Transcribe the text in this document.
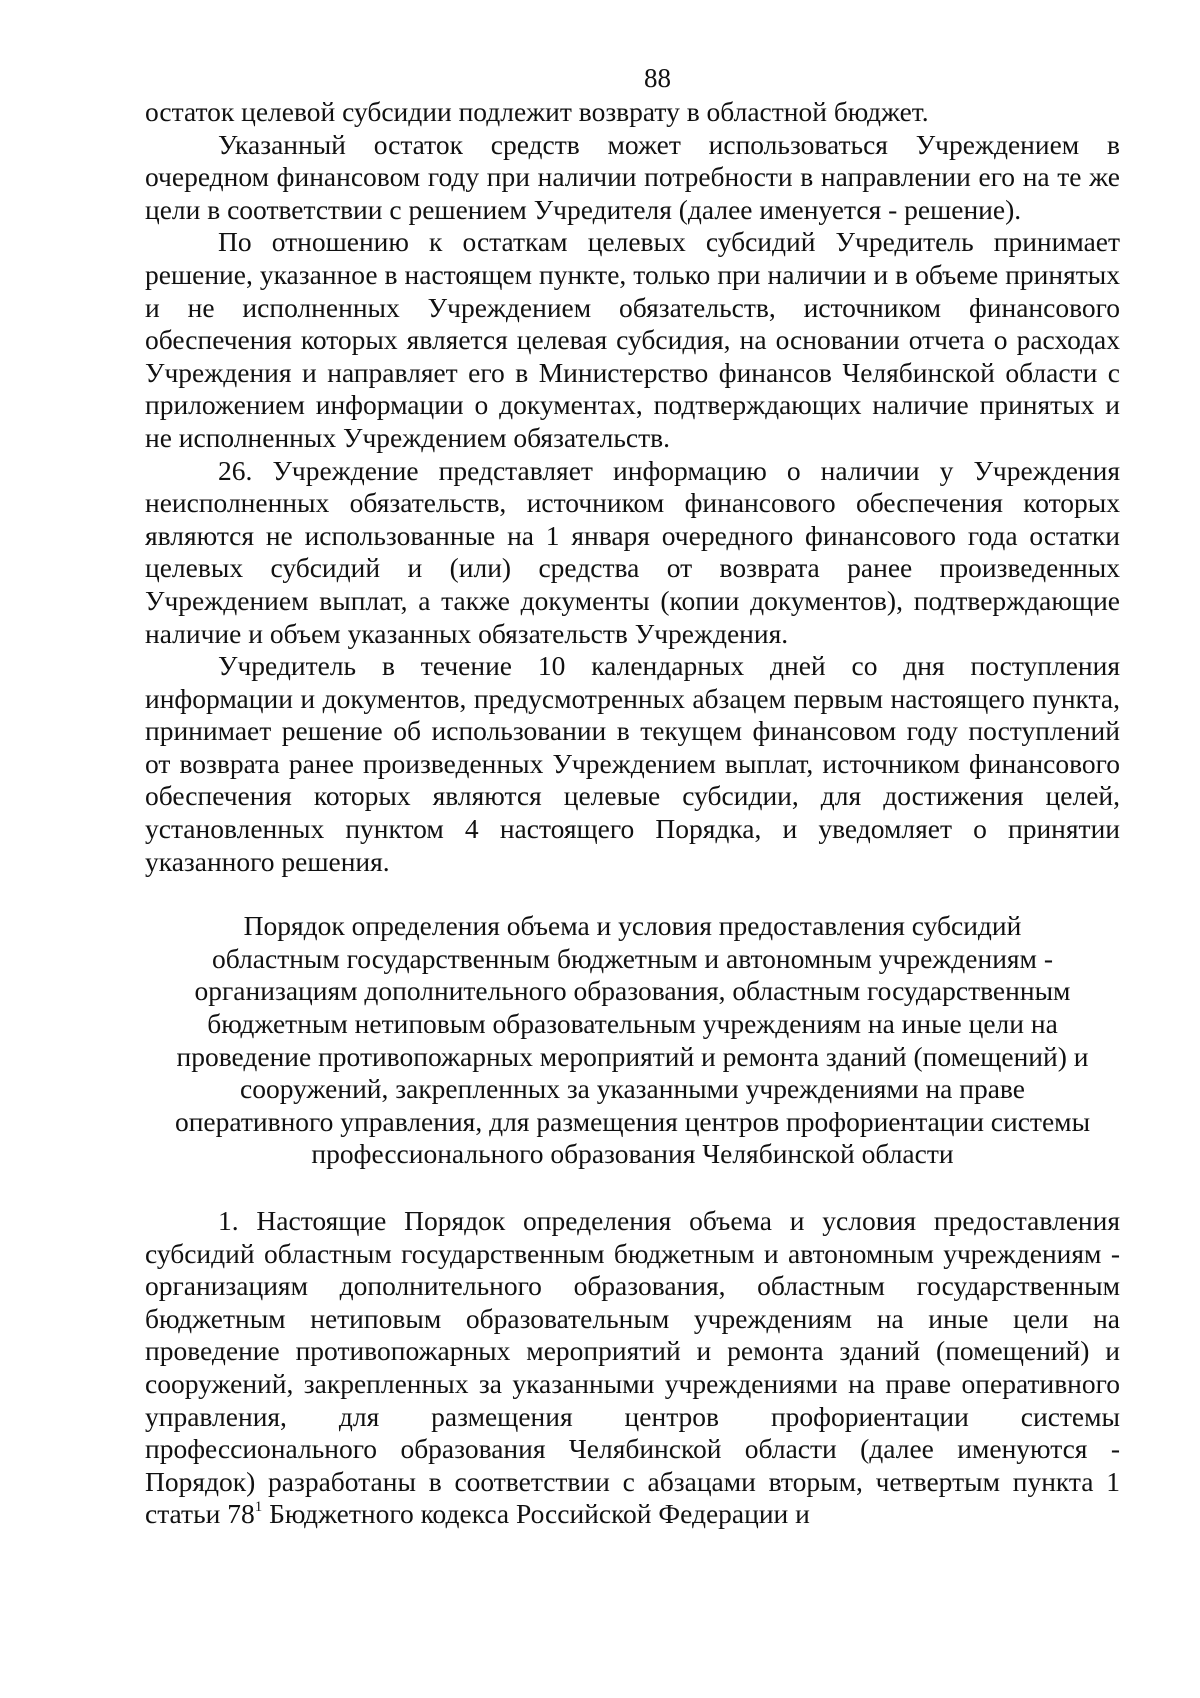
88

остаток целевой субсидии подлежит возврату в областной бюджет.

Указанный остаток средств может использоваться Учреждением в очередном финансовом году при наличии потребности в направлении его на те же цели в соответствии с решением Учредителя (далее именуется - решение).

По отношению к остаткам целевых субсидий Учредитель принимает решение, указанное в настоящем пункте, только при наличии и в объеме принятых и не исполненных Учреждением обязательств, источником финансового обеспечения которых является целевая субсидия, на основании отчета о расходах Учреждения и направляет его в Министерство финансов Челябинской области с приложением информации о документах, подтверждающих наличие принятых и не исполненных Учреждением обязательств.

26. Учреждение представляет информацию о наличии у Учреждения неисполненных обязательств, источником финансового обеспечения которых являются не использованные на 1 января очередного финансового года остатки целевых субсидий и (или) средства от возврата ранее произведенных Учреждением выплат, а также документы (копии документов), подтверждающие наличие и объем указанных обязательств Учреждения.

Учредитель в течение 10 календарных дней со дня поступления информации и документов, предусмотренных абзацем первым настоящего пункта, принимает решение об использовании в текущем финансовом году поступлений от возврата ранее произведенных Учреждением выплат, источником финансового обеспечения которых являются целевые субсидии, для достижения целей, установленных пунктом 4 настоящего Порядка, и уведомляет о принятии указанного решения.

Порядок определения объема и условия предоставления субсидий
областным государственным бюджетным и автономным учреждениям -
организациям дополнительного образования, областным государственным
бюджетным нетиповым образовательным учреждениям на иные цели на
проведение противопожарных мероприятий и ремонта зданий (помещений) и
сооружений, закрепленных за указанными учреждениями на праве
оперативного управления, для размещения центров профориентации системы
профессионального образования Челябинской области

1. Настоящие Порядок определения объема и условия предоставления субсидий областным государственным бюджетным и автономным учреждениям - организациям дополнительного образования, областным государственным бюджетным нетиповым образовательным учреждениям на иные цели на проведение противопожарных мероприятий и ремонта зданий (помещений) и сооружений, закрепленных за указанными учреждениями на праве оперативного управления, для размещения центров профориентации системы профессионального образования Челябинской области (далее именуются - Порядок) разработаны в соответствии с абзацами вторым, четвертым пункта 1 статьи $78^1$ Бюджетного кодекса Российской Федерации и
